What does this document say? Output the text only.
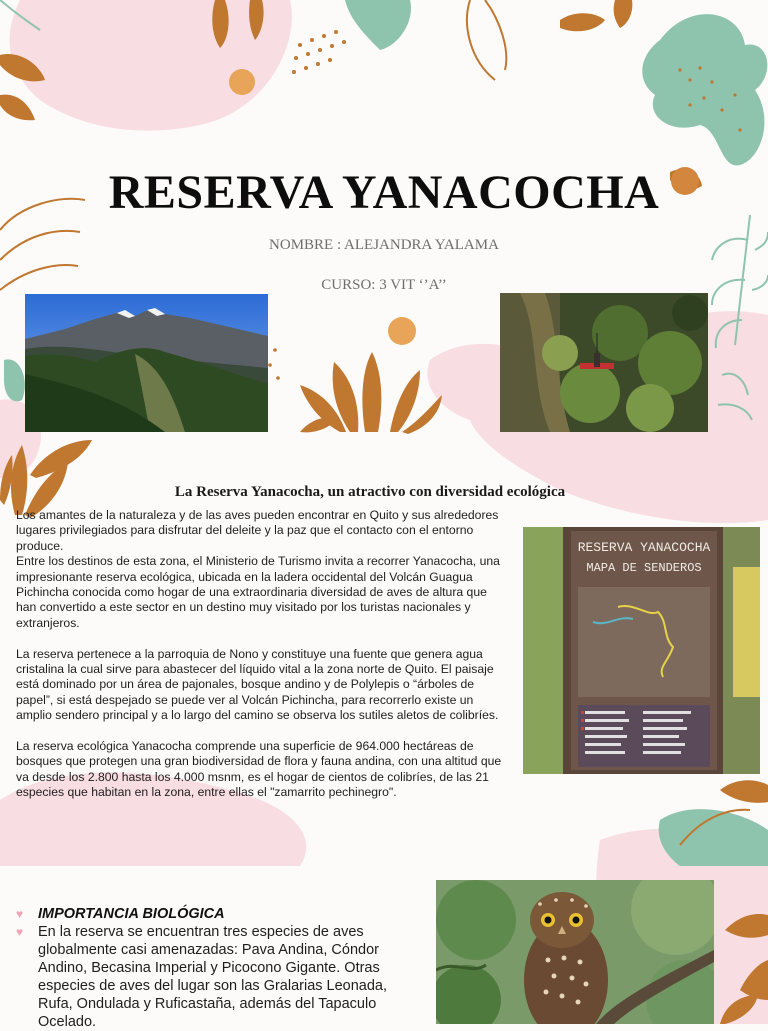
RESERVA YANACOCHA
NOMBRE : ALEJANDRA YALAMA
CURSO: 3 VIT ‘’A’’
La Reserva Yanacocha, un atractivo con diversidad ecológica

Los amantes de la naturaleza y de las aves pueden encontrar en Quito y sus alrededores lugares privilegiados para disfrutar del deleite y la paz que el contacto con el entorno produce.

Entre los destinos de esta zona, el Ministerio de Turismo invita a recorrer Yanacocha, una impresionante reserva ecológica, ubicada en la ladera occidental del Volcán Guagua Pichincha conocida como hogar de una extraordinaria diversidad de aves de altura que han convertido a este sector en un destino muy visitado por los turistas nacionales y extranjeros.

La reserva pertenece a la parroquia de Nono y constituye una fuente que genera agua cristalina la cual sirve para abastecer del líquido vital a la zona norte de Quito. El paisaje está dominado por un área de pajonales, bosque andino y de Polylepis o “árboles de papel”, si está despejado se puede ver al Volcán Pichincha, para recorrerlo existe un amplio sendero principal y a lo largo del camino se observa los sutiles aletos de colibríes.

La reserva ecológica Yanacocha comprende una superficie de 964.000 hectáreas de bosques que protegen una gran biodiversidad de flora y fauna andina, con una altitud que va desde los 2.800 hasta los 4.000 msnm, es el hogar de cientos de colibríes, de las 21 especies que habitan en la zona, entre ellas el "zamarrito pechinegro".

RESERVA YANACOCHA
MAPA DE SENDEROS
♥ IMPORTANCIA BIOLÓGICA
♥ En la reserva se encuentran tres especies de aves globalmente casi amenazadas: Pava Andina, Cóndor Andino, Becasina Imperial y Picocono Gigante. Otras especies de aves del lugar son las Gralarias Leonada, Rufa, Ondulada y Ruficastaña, además del Tapaculo Ocelado.
